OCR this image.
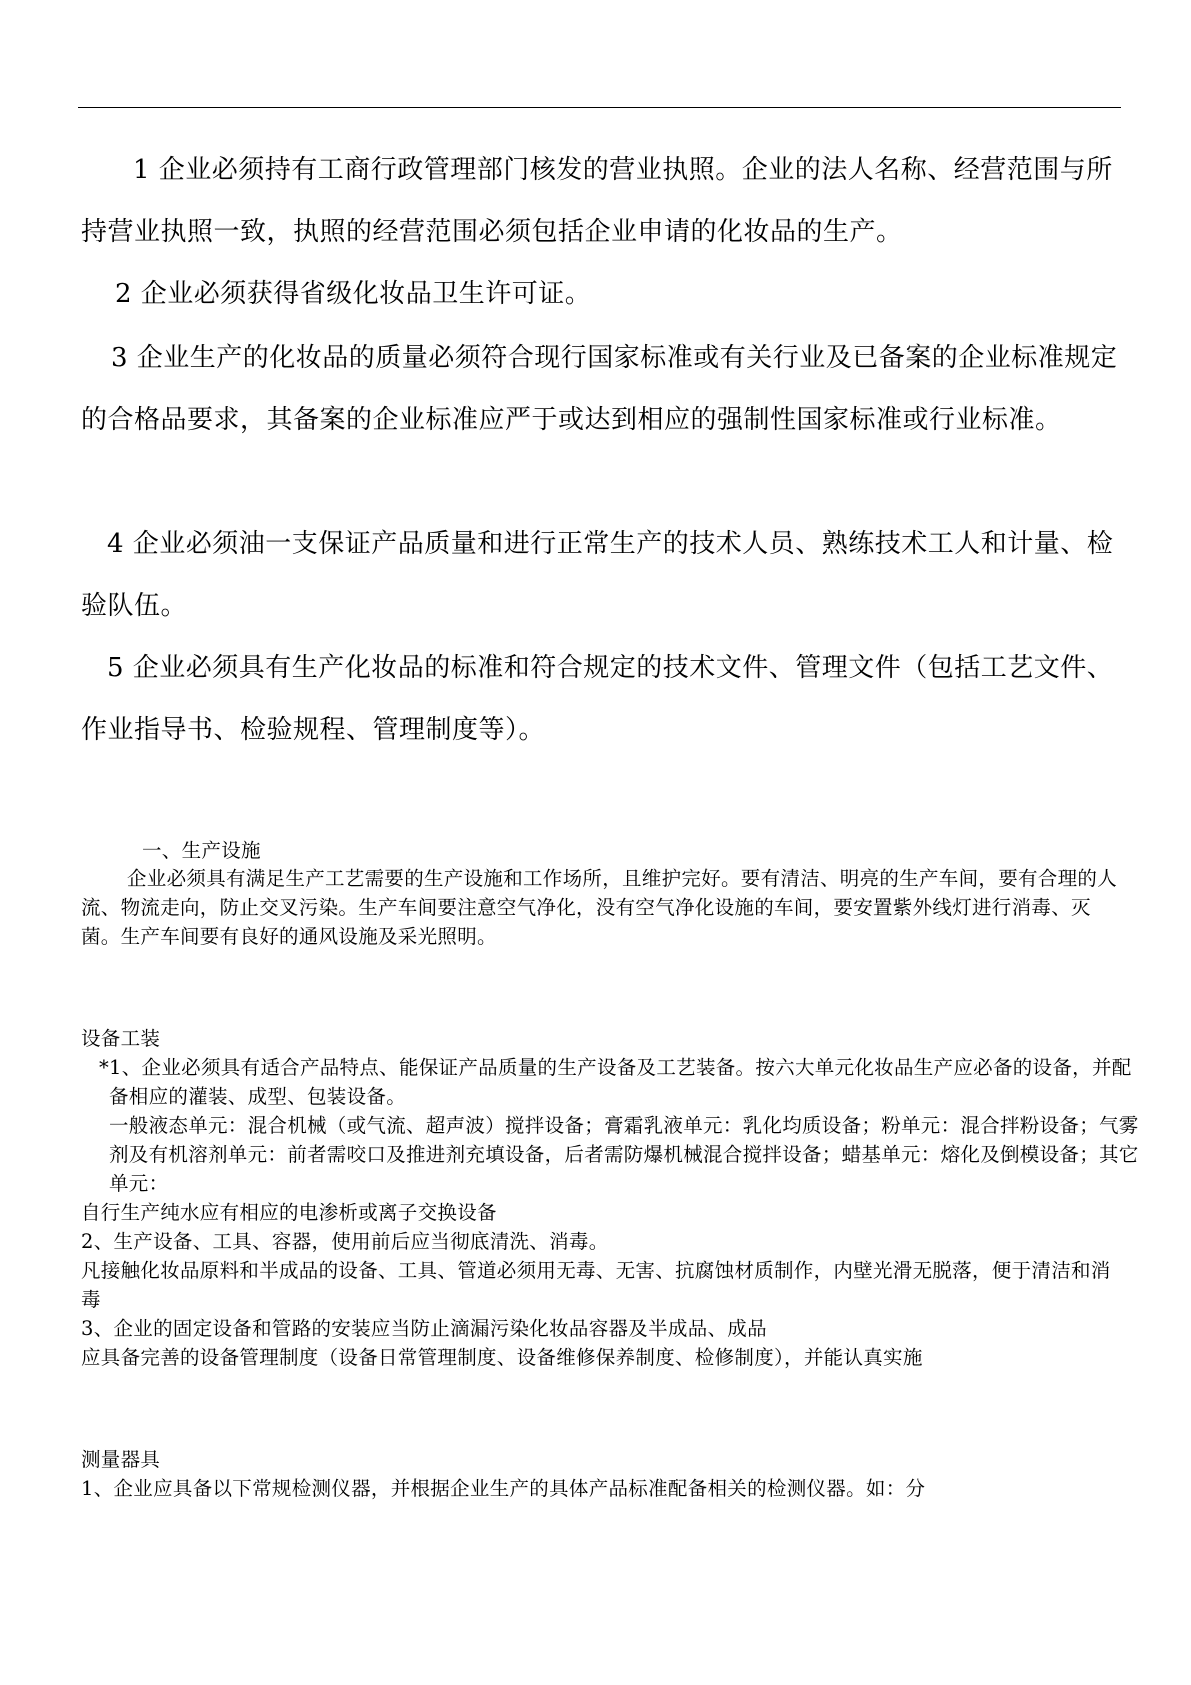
1 企业必须持有工商行政管理部门核发的营业执照。企业的法人名称、经营范围与所持营业执照一致，执照的经营范围必须包括企业申请的化妆品的生产。

2 企业必须获得省级化妆品卫生许可证。

3 企业生产的化妆品的质量必须符合现行国家标准或有关行业及已备案的企业标准规定的合格品要求，其备案的企业标准应严于或达到相应的强制性国家标准或行业标准。

4 企业必须油一支保证产品质量和进行正常生产的技术人员、熟练技术工人和计量、检验队伍。

5 企业必须具有生产化妆品的标准和符合规定的技术文件、管理文件（包括工艺文件、作业指导书、检验规程、管理制度等）。

一、生产设施

企业必须具有满足生产工艺需要的生产设施和工作场所，且维护完好。要有清洁、明亮的生产车间，要有合理的人流、物流走向，防止交叉污染。生产车间要注意空气净化，没有空气净化设施的车间，要安置紫外线灯进行消毒、灭菌。生产车间要有良好的通风设施及采光照明。

设备工装

*1、企业必须具有适合产品特点、能保证产品质量的生产设备及工艺装备。按六大单元化妆品生产应必备的设备，并配备相应的灌装、成型、包装设备。

一般液态单元：混合机械（或气流、超声波）搅拌设备；膏霜乳液单元：乳化均质设备；粉单元：混合拌粉设备；气雾剂及有机溶剂单元：前者需咬口及推进剂充填设备，后者需防爆机械混合搅拌设备；蜡基单元：熔化及倒模设备；其它单元：

自行生产纯水应有相应的电渗析或离子交换设备

2、生产设备、工具、容器，使用前后应当彻底清洗、消毒。

凡接触化妆品原料和半成品的设备、工具、管道必须用无毒、无害、抗腐蚀材质制作，内壁光滑无脱落，便于清洁和消毒

3、企业的固定设备和管路的安装应当防止滴漏污染化妆品容器及半成品、成品

应具备完善的设备管理制度（设备日常管理制度、设备维修保养制度、检修制度），并能认真实施

测量器具

1、企业应具备以下常规检测仪器，并根据企业生产的具体产品标准配备相关的检测仪器。如：分
